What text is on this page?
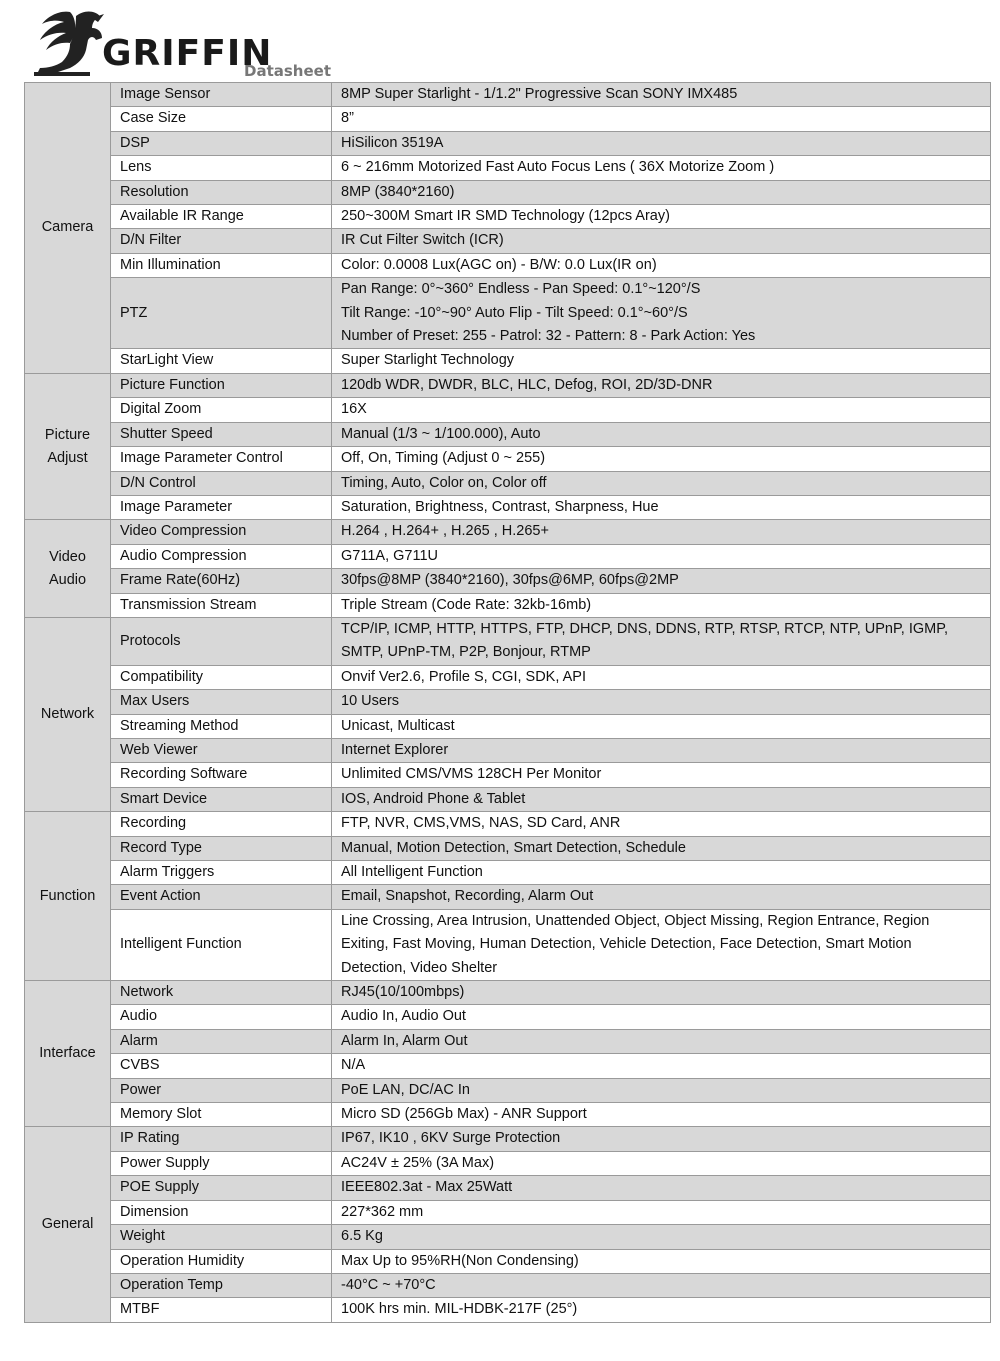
GRIFFIN
Datasheet
Camera	Image Sensor	8MP Super Starlight - 1/1.2" Progressive Scan SONY IMX485
	Case Size	8”
	DSP	HiSilicon 3519A
	Lens	6 ~ 216mm Motorized Fast Auto Focus Lens ( 36X Motorize Zoom )
	Resolution	8MP (3840*2160)
	Available IR Range	250~300M Smart IR SMD Technology (12pcs Aray)
	D/N Filter	IR Cut Filter Switch (ICR)
	Min Illumination	Color: 0.0008 Lux(AGC on) - B/W: 0.0 Lux(IR on)
	PTZ	Pan Range: 0°~360° Endless - Pan Speed: 0.1°~120°/S
Tilt Range: -10°~90° Auto Flip - Tilt Speed: 0.1°~60°/S
Number of Preset: 255 - Patrol: 32 - Pattern: 8 - Park Action: Yes

	StarLight View	Super Starlight Technology

Picture
Adjust	Picture Function	120db WDR, DWDR, BLC, HLC, Defog, ROI, 2D/3D-DNR
	Digital Zoom	16X
	Shutter Speed	Manual (1/3 ~ 1/100.000), Auto
	Image Parameter Control	Off, On, Timing (Adjust 0 ~ 255)
	D/N Control	Timing, Auto, Color on, Color off
	Image Parameter	Saturation, Brightness, Contrast, Sharpness, Hue

Video
Audio	Video Compression	H.264 , H.264+ , H.265 , H.265+
	Audio Compression	G711A, G711U
	Frame Rate(60Hz)	30fps@8MP (3840*2160), 30fps@6MP, 60fps@2MP
	Transmission Stream	Triple Stream (Code Rate: 32kb-16mb)

Network	Protocols	TCP/IP, ICMP, HTTP, HTTPS, FTP, DHCP, DNS, DDNS, RTP, RTSP, RTCP, NTP, UPnP, IGMP,
SMTP, UPnP-TM, P2P, Bonjour, RTMP

	Compatibility	Onvif Ver2.6, Profile S, CGI, SDK, API
	Max Users	10 Users
	Streaming Method	Unicast, Multicast
	Web Viewer	Internet Explorer
	Recording Software	Unlimited CMS/VMS 128CH Per Monitor
	Smart Device	IOS, Android Phone & Tablet

Function	Recording	FTP, NVR, CMS,VMS, NAS, SD Card, ANR
	Record Type	Manual, Motion Detection, Smart Detection, Schedule
	Alarm Triggers	All Intelligent Function
	Event Action	Email, Snapshot, Recording, Alarm Out
	Intelligent Function	Line Crossing, Area Intrusion, Unattended Object, Object Missing, Region Entrance, Region
Exiting, Fast Moving, Human Detection, Vehicle Detection, Face Detection, Smart Motion
Detection, Video Shelter

Interface	Network	RJ45(10/100mbps)
	Audio	Audio In, Audio Out
	Alarm	Alarm In, Alarm Out
	CVBS	N/A
	Power	PoE LAN, DC/AC In
	Memory Slot	Micro SD (256Gb Max) - ANR Support

General	IP Rating	IP67, IK10 , 6KV Surge Protection
	Power Supply	AC24V ± 25% (3A Max)
	POE Supply	IEEE802.3at - Max 25Watt
	Dimension	227*362 mm
	Weight	6.5 Kg
	Operation Humidity	Max Up to 95%RH(Non Condensing)
	Operation Temp	-40°C ~ +70°C
	MTBF	100K hrs min. MIL-HDBK-217F (25°)
